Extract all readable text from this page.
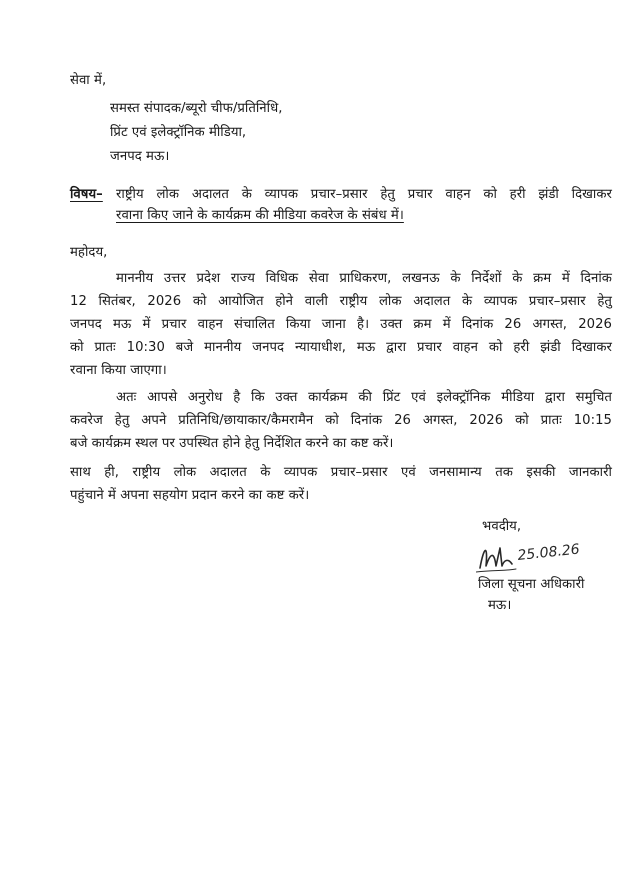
सेवा में,
समस्त संपादक/ब्यूरो चीफ/प्रतिनिधि,
प्रिंट एवं इलेक्ट्रॉनिक मीडिया,
जनपद मऊ।
विषय– राष्ट्रीय लोक अदालत के व्यापक प्रचार–प्रसार हेतु प्रचार वाहन को हरी झंडी दिखाकर
रवाना किए जाने के कार्यक्रम की मीडिया कवरेज के संबंध में।
महोदय,
माननीय उत्तर प्रदेश राज्य विधिक सेवा प्राधिकरण, लखनऊ के निर्देशों के क्रम में दिनांक
12 सितंबर, 2026 को आयोजित होने वाली राष्ट्रीय लोक अदालत के व्यापक प्रचार–प्रसार हेतु
जनपद मऊ में प्रचार वाहन संचालित किया जाना है। उक्त क्रम में दिनांक 26 अगस्त, 2026
को प्रातः 10:30 बजे माननीय जनपद न्यायाधीश, मऊ द्वारा प्रचार वाहन को हरी झंडी दिखाकर
रवाना किया जाएगा।
अतः आपसे अनुरोध है कि उक्त कार्यक्रम की प्रिंट एवं इलेक्ट्रॉनिक मीडिया द्वारा समुचित
कवरेज हेतु अपने प्रतिनिधि/छायाकार/कैमरामैन को दिनांक 26 अगस्त, 2026 को प्रातः 10:15
बजे कार्यक्रम स्थल पर उपस्थित होने हेतु निर्देशित करने का कष्ट करें।
साथ ही, राष्ट्रीय लोक अदालत के व्यापक प्रचार–प्रसार एवं जनसामान्य तक इसकी जानकारी
पहुंचाने में अपना सहयोग प्रदान करने का कष्ट करें।
भवदीय,
25.08.26
जिला सूचना अधिकारी
मऊ।
